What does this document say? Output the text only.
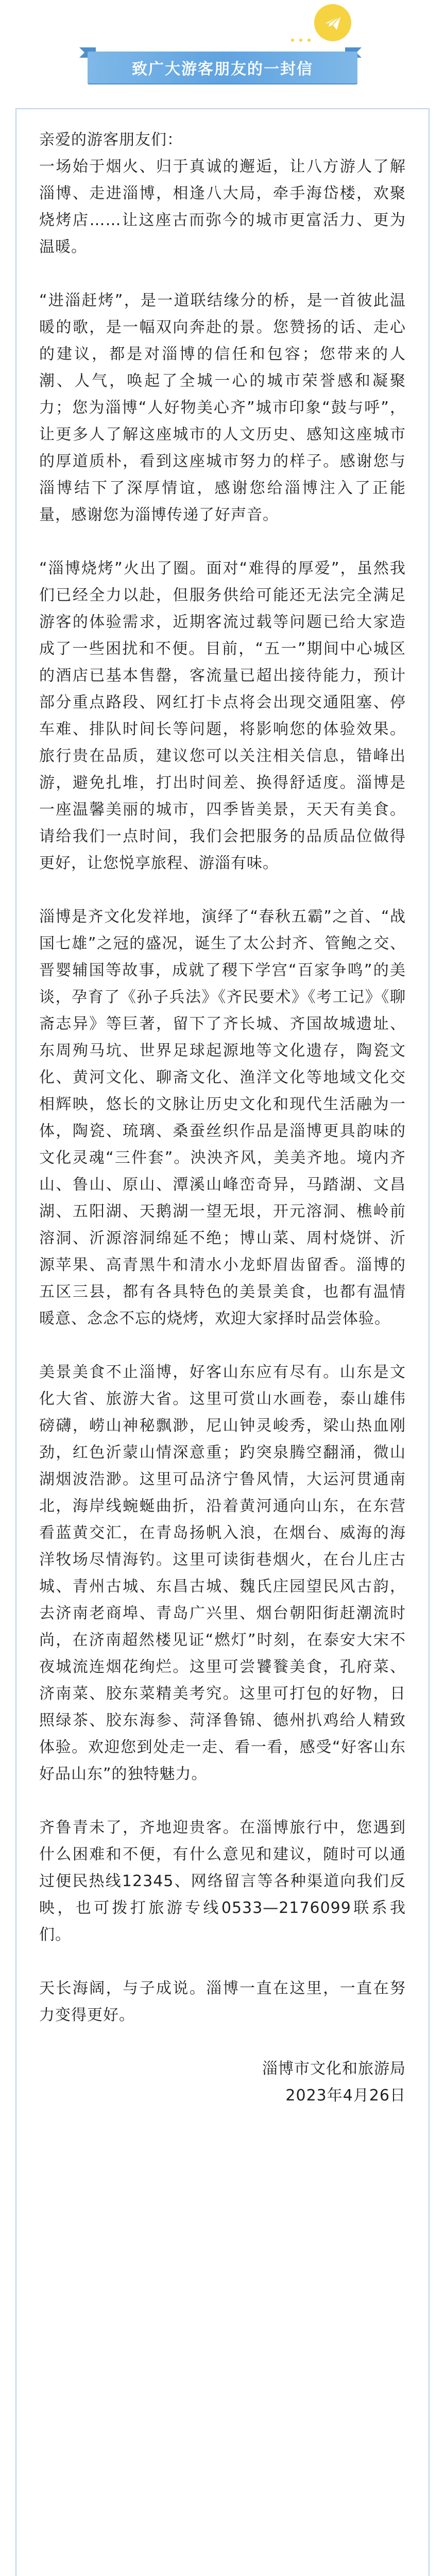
致广大游客朋友的一封信

亲爱的游客朋友们：

一场始于烟火、归于真诚的邂逅，让八方游人了解淄博、走进淄博，相逢八大局，牵手海岱楼，欢聚烧烤店……让这座古而弥今的城市更富活力、更为温暖。

“进淄赶烤”，是一道联结缘分的桥，是一首彼此温暖的歌，是一幅双向奔赴的景。您赞扬的话、走心的建议，都是对淄博的信任和包容；您带来的人潮、人气，唤起了全城一心的城市荣誉感和凝聚力；您为淄博“人好物美心齐”城市印象“鼓与呼”，让更多人了解这座城市的人文历史、感知这座城市的厚道质朴，看到这座城市努力的样子。感谢您与淄博结下了深厚情谊，感谢您给淄博注入了正能量，感谢您为淄博传递了好声音。

“淄博烧烤”火出了圈。面对“难得的厚爱”，虽然我们已经全力以赴，但服务供给可能还无法完全满足游客的体验需求，近期客流过载等问题已给大家造成了一些困扰和不便。目前，“五一”期间中心城区的酒店已基本售罄，客流量已超出接待能力，预计部分重点路段、网红打卡点将会出现交通阻塞、停车难、排队时间长等问题，将影响您的体验效果。旅行贵在品质，建议您可以关注相关信息，错峰出游，避免扎堆，打出时间差、换得舒适度。淄博是一座温馨美丽的城市，四季皆美景，天天有美食。请给我们一点时间，我们会把服务的品质品位做得更好，让您悦享旅程、游淄有味。

淄博是齐文化发祥地，演绎了“春秋五霸”之首、“战国七雄”之冠的盛况，诞生了太公封齐、管鲍之交、晋婴辅国等故事，成就了稷下学宫“百家争鸣”的美谈，孕育了《孙子兵法》《齐民要术》《考工记》《聊斋志异》等巨著，留下了齐长城、齐国故城遗址、东周殉马坑、世界足球起源地等文化遗存，陶瓷文化、黄河文化、聊斋文化、渔洋文化等地域文化交相辉映，悠长的文脉让历史文化和现代生活融为一体，陶瓷、琉璃、桑蚕丝织作品是淄博更具韵味的文化灵魂“三件套”。泱泱齐风，美美齐地。境内齐山、鲁山、原山、潭溪山峰峦奇异，马踏湖、文昌湖、五阳湖、天鹅湖一望无垠，开元溶洞、樵岭前溶洞、沂源溶洞绵延不绝；博山菜、周村烧饼、沂源苹果、高青黑牛和清水小龙虾眉齿留香。淄博的五区三县，都有各具特色的美景美食，也都有温情暖意、念念不忘的烧烤，欢迎大家择时品尝体验。

美景美食不止淄博，好客山东应有尽有。山东是文化大省、旅游大省。这里可赏山水画卷，泰山雄伟磅礴，崂山神秘飘渺，尼山钟灵峻秀，梁山热血刚劲，红色沂蒙山情深意重；趵突泉腾空翻涌，微山湖烟波浩渺。这里可品济宁鲁风情，大运河贯通南北，海岸线蜿蜒曲折，沿着黄河通向山东，在东营看蓝黄交汇，在青岛扬帆入浪，在烟台、威海的海洋牧场尽情海钓。这里可读街巷烟火，在台儿庄古城、青州古城、东昌古城、魏氏庄园望民风古韵，去济南老商埠、青岛广兴里、烟台朝阳街赶潮流时尚，在济南超然楼见证“燃灯”时刻，在泰安大宋不夜城流连烟花绚烂。这里可尝饕餮美食，孔府菜、济南菜、胶东菜精美考究。这里可打包的好物，日照绿茶、胶东海参、菏泽鲁锦、德州扒鸡给人精致体验。欢迎您到处走一走、看一看，感受“好客山东 好品山东”的独特魅力。

齐鲁青未了，齐地迎贵客。在淄博旅行中，您遇到什么困难和不便，有什么意见和建议，随时可以通过便民热线12345、网络留言等各种渠道向我们反映，也可拨打旅游专线0533—2176099联系我们。

天长海阔，与子成说。淄博一直在这里，一直在努力变得更好。

淄博市文化和旅游局

2023年4月26日
